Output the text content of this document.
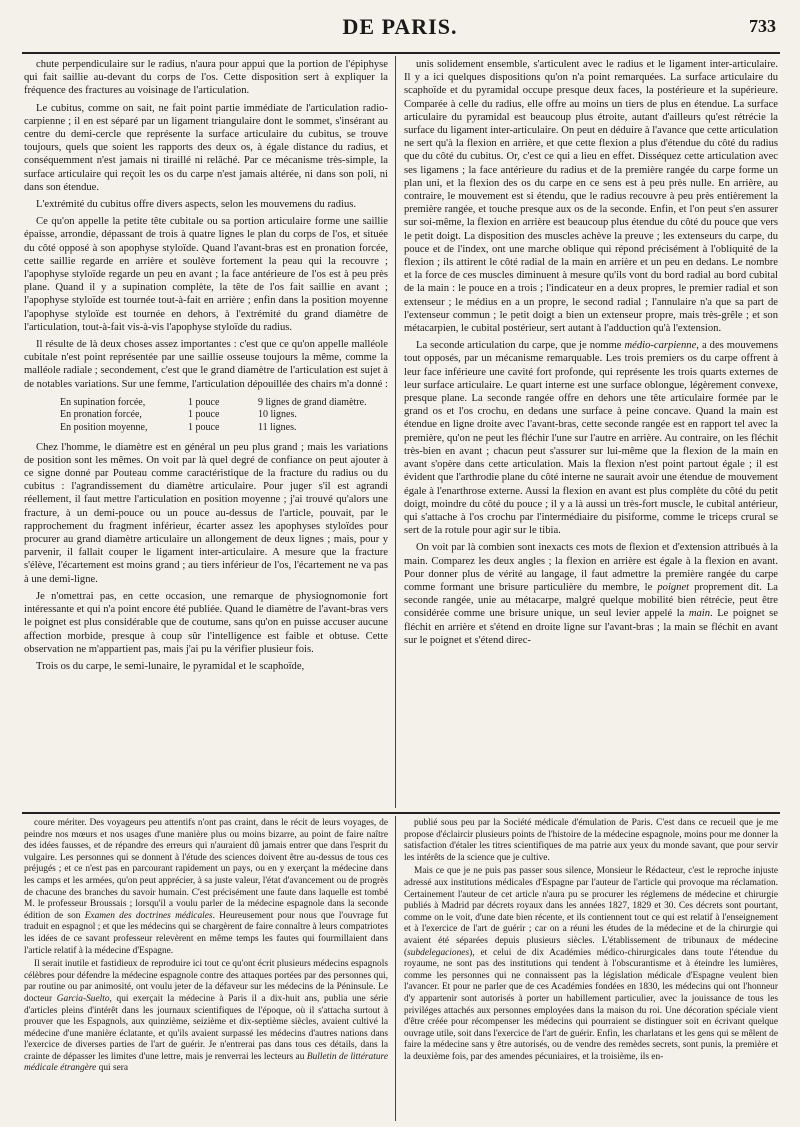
DE PARIS.	733

chute perpendiculaire sur le radius, n'aura pour appui que la portion de l'épiphyse qui fait saillie au-devant du corps de l'os. Cette disposition sert à expliquer la fréquence des fractures au voisinage de l'articulation.

Le cubitus, comme on sait, ne fait point partie immédiate de l'articulation radio-carpienne ; il en est séparé par un ligament triangulaire dont le sommet, s'insérant au centre du demi-cercle que représente la surface articulaire du cubitus, se trouve toujours, quels que soient les rapports des deux os, à égale distance du radius, et conséquemment n'est jamais ni tiraillé ni relâché. Par ce mécanisme très-simple, la surface articulaire qui reçoit les os du carpe n'est jamais altérée, ni dans son poli, ni dans son étendue.

L'extrémité du cubitus offre divers aspects, selon les mouvemens du radius.

Ce qu'on appelle la petite tête cubitale ou sa portion articulaire forme une saillie épaisse, arrondie, dépassant de trois à quatre lignes le plan du corps de l'os, et située du côté opposé à son apophyse styloïde. Quand l'avant-bras est en pronation forcée, cette saillie regarde en arrière et soulève fortement la peau qui la recouvre ; l'apophyse styloïde regarde un peu en avant ; la face antérieure de l'os est à peu près plane. Quand il y a supination complète, la tête de l'os fait saillie en avant ; l'apophyse styloïde est tournée tout-à-fait en arrière ; enfin dans la position moyenne l'apophyse styloïde est tournée en dehors, à l'extrémité du grand diamètre de l'articulation, tout-à-fait vis-à-vis l'apophyse styloïde du radius.

Il résulte de là deux choses assez importantes : c'est que ce qu'on appelle malléole cubitale n'est point représentée par une saillie osseuse toujours la même, comme la malléole radiale ; secondement, c'est que le grand diamètre de l'articulation est sujet à de notables variations. Sur une femme, l'articulation dépouillée des chairs m'a donné :

En supination forcée,	1 pouce	9 lignes de grand diamètre.
En pronation forcée,	1 pouce	10 lignes.
En position moyenne,	1 pouce	11 lignes.

Chez l'homme, le diamètre est en général un peu plus grand ; mais les variations de position sont les mêmes. On voit par là quel degré de confiance on peut ajouter à ce signe donné par Pouteau comme caractéristique de la fracture du radius ou du cubitus : l'agrandissement du diamètre articulaire. Pour juger s'il est agrandi réellement, il faut mettre l'articulation en position moyenne ; j'ai trouvé qu'alors une fracture, à un demi-pouce ou un pouce au-dessus de l'article, pouvait, par le rapprochement du fragment inférieur, écarter assez les apophyses styloïdes pour procurer au grand diamètre articulaire un allongement de deux lignes ; mais, pour y parvenir, il fallait couper le ligament inter-articulaire. A mesure que la fracture s'élève, l'écartement est moins grand ; au tiers inférieur de l'os, l'écartement ne va pas à une demi-ligne.

Je n'omettrai pas, en cette occasion, une remarque de physiognomonie fort intéressante et qui n'a point encore été publiée. Quand le diamètre de l'avant-bras vers le poignet est plus considérable que de coutume, sans qu'on en puisse accuser aucune affection morbide, presque à coup sûr l'intelligence est faible et obtuse. Cette observation ne m'appartient pas, mais j'ai pu la vérifier plusieur fois.

Trois os du carpe, le semi-lunaire, le pyramidal et le scaphoïde,

unis solidement ensemble, s'articulent avec le radius et le ligament inter-articulaire. Il y a ici quelques dispositions qu'on n'a point remarquées. La surface articulaire du scaphoïde et du pyramidal occupe presque deux faces, la postérieure et la supérieure. Comparée à celle du radius, elle offre au moins un tiers de plus en étendue. La surface articulaire du pyramidal est beaucoup plus étroite, autant d'ailleurs qu'est rétrécie la surface du ligament inter-articulaire. On peut en déduire à l'avance que cette articulation ne sert qu'à la flexion en arrière, et que cette flexion a plus d'étendue du côté du radius que du côté du cubitus. Or, c'est ce qui a lieu en effet. Disséquez cette articulation avec ses ligamens ; la face antérieure du radius et de la première rangée du carpe forme un plan uni, et la flexion des os du carpe en ce sens est à peu près nulle. En arrière, au contraire, le mouvement est si étendu, que le radius recouvre à peu près entièrement la première rangée, et touche presque aux os de la seconde. Enfin, et l'on peut s'en assurer sur soi-même, la flexion en arrière est beaucoup plus étendue du côté du pouce que vers le petit doigt. La disposition des muscles achève la preuve ; les extenseurs du carpe, du pouce et de l'index, ont une marche oblique qui répond précisément à l'obliquité de la flexion ; ils attirent le côté radial de la main en arrière et un peu en dedans. Le nombre et la force de ces muscles diminuent à mesure qu'ils vont du bord radial au bord cubital de la main : le pouce en a trois ; l'indicateur en a deux propres, le premier radial et son extenseur ; le médius en a un propre, le second radial ; l'annulaire n'a que sa part de l'extenseur commun ; le petit doigt a bien un extenseur propre, mais très-grêle ; et son métacarpien, le cubital postérieur, sert autant à l'adduction qu'à l'extension.

La seconde articulation du carpe, que je nomme médio-carpienne, a des mouvemens tout opposés, par un mécanisme remarquable. Les trois premiers os du carpe offrent à leur face inférieure une cavité fort profonde, qui représente les trois quarts externes de leur surface articulaire. Le quart interne est une surface oblongue, légèrement convexe, presque plane. La seconde rangée offre en dehors une tête articulaire formée par le grand os et l'os crochu, en dedans une surface à peine concave. Quand la main est étendue en ligne droite avec l'avant-bras, cette seconde rangée est en rapport tel avec la première, qu'on ne peut les fléchir l'une sur l'autre en arrière. Au contraire, on les fléchit très-bien en avant ; chacun peut s'assurer sur lui-même que la flexion de la main en avant s'opère dans cette articulation. Mais la flexion n'est point partout égale ; il est évident que l'arthrodie plane du côté interne ne saurait avoir une étendue de mouvement égale à l'enarthrose externe. Aussi la flexion en avant est plus complète du côté du petit doigt, moindre du côté du pouce ; il y a là aussi un très-fort muscle, le cubital antérieur, qui s'attache à l'os crochu par l'intermédiaire du pisiforme, comme le triceps crural se sert de la rotule pour agir sur le tibia.

On voit par là combien sont inexacts ces mots de flexion et d'extension attribués à la main. Comparez les deux angles ; la flexion en arrière est égale à la flexion en avant. Pour donner plus de vérité au langage, il faut admettre la première rangée du carpe comme formant une brisure particulière du membre, le poignet proprement dit. La seconde rangée, unie au métacarpe, malgré quelque mobilité bien rétrécie, peut être considérée comme une brisure unique, un seul levier appelé la main. Le poignet se fléchit en arrière et s'étend en droite ligne sur l'avant-bras ; la main se fléchit en avant sur le poignet et s'étend direc-

coure mériter. Des voyageurs peu attentifs n'ont pas craint, dans le récit de leurs voyages, de peindre nos mœurs et nos usages d'une manière plus ou moins bizarre, au point de faire naître des idées fausses, et de répandre des erreurs qui n'auraient dû jamais entrer que dans l'esprit du vulgaire. Les personnes qui se donnent à l'étude des sciences doivent être au-dessus de tous ces préjugés ; et ce n'est pas en parcourant rapidement un pays, ou en y exerçant la médecine dans les camps et les armées, qu'on peut apprécier, à sa juste valeur, l'état d'avancement ou de progrès de chacune des branches du savoir humain. C'est précisément une faute dans laquelle est tombé M. le professeur Broussais ; lorsqu'il a voulu parler de la médecine espagnole dans la seconde édition de son Examen des doctrines médicales. Heureusement pour nous que l'ouvrage fut traduit en espagnol ; et que les médecins qui se chargèrent de faire connaître à leurs compatriotes les idées de ce savant professeur relevèrent en même temps les fautes qui fourmillaient dans l'article relatif à la médecine d'Espagne.

Il serait inutile et fastidieux de reproduire ici tout ce qu'ont écrit plusieurs médecins espagnols célèbres pour défendre la médecine espagnole contre des attaques portées par des personnes qui, par routine ou par animosité, ont voulu jeter de la défaveur sur les médecins de la Péninsule. Le docteur Garcia-Suelto, qui exerçait la médecine à Paris il a dix-huit ans, publia une série d'articles pleins d'intérêt dans les journaux scientifiques de l'époque, où il s'attacha surtout à prouver que les Espagnols, aux quinzième, seizième et dix-septième siècles, avaient cultivé la médecine d'une manière éclatante, et qu'ils avaient surpassé les médecins d'autres nations dans l'exercice de diverses parties de l'art de guérir. Je n'entrerai pas dans tous ces détails, dans la crainte de dépasser les limites d'une lettre, mais je renverrai les lecteurs au Bulletin de littérature médicale étrangère qui sera

publié sous peu par la Société médicale d'émulation de Paris. C'est dans ce recueil que je me propose d'éclaircir plusieurs points de l'histoire de la médecine espagnole, moins pour me donner la satisfaction d'étaler les titres scientifiques de ma patrie aux yeux du monde savant, que pour servir les intérêts de la science que je cultive.

Mais ce que je ne puis pas passer sous silence, Monsieur le Rédacteur, c'est le reproche injuste adressé aux institutions médicales d'Espagne par l'auteur de l'article qui provoque ma réclamation. Certainement l'auteur de cet article n'aura pu se procurer les réglemens de médecine et chirurgie publiés à Madrid par décrets royaux dans les années 1827, 1829 et 30. Ces décrets sont pourtant, comme on le voit, d'une date bien récente, et ils contiennent tout ce qui est relatif à l'enseignement et à l'exercice de l'art de guérir ; car on a réuni les études de la médecine et de la chirurgie qui avaient été séparées depuis plusieurs siècles. L'établissement de tribunaux de médecine (subdelegaciones), et celui de dix Académies médico-chirurgicales dans toute l'étendue du royaume, ne sont pas des institutions qui tendent à l'obscurantisme et à éteindre les lumières, comme les personnes qui ne connaissent pas la législation médicale d'Espagne veulent bien l'avancer. Et pour ne parler que de ces Académies fondées en 1830, les médecins qui ont l'honneur d'y appartenir sont autorisés à porter un habillement particulier, avec la jouissance de tous les priviléges attachés aux personnes employées dans la maison du roi. Une décoration spéciale vient d'être créée pour récompenser les médecins qui pourraient se distinguer soit en écrivant quelque ouvrage utile, soit dans l'exercice de l'art de guérir. Enfin, les charlatans et les gens qui se mêlent de faire la médecine sans y être autorisés, ou de vendre des remèdes secrets, sont punis, la première et la deuxième fois, par des amendes pécuniaires, et la troisième, ils en-
